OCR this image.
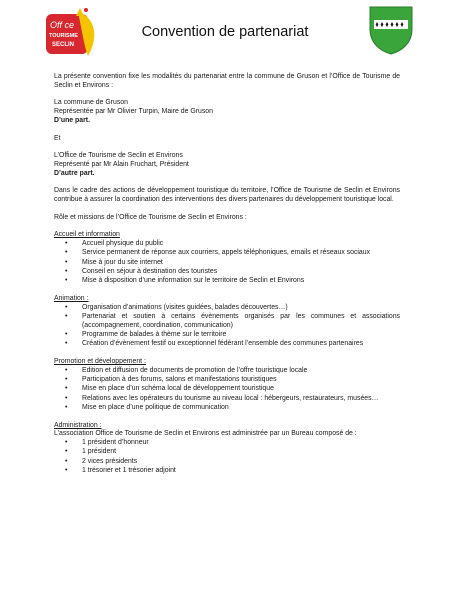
Off ce
TOURISME
SECLIN
Convention de partenariat

La présente convention fixe les modalités du partenariat entre la commune de Gruson et l’Office de Tourisme de Seclin et Environs :

La commune de Gruson

Représentée par Mr Olivier Turpin, Maire de Gruson

D’une part.

Et

L’Office de Tourisme de Seclin et Environs

Représenté par Mr Alain Fruchart, Président

D’autre part.

Dans le cadre des actions de développement touristique du territoire, l’Office de Tourisme de Seclin et Environs contribue à assurer la coordination des interventions des divers partenaires du développement touristique local.

Rôle et missions de l’Office de Tourisme de Seclin et Environs :

Accueil et information

• Accueil physique du public
• Service permanent de réponse aux courriers, appels téléphoniques, emails et réseaux sociaux
• Mise à jour du site internet
• Conseil en séjour à destination des touristes
• Mise à disposition d’une information sur le territoire de Seclin et Environs

Animation :

• Organisation d’animations (visites guidées, balades découvertes…)
• Partenariat et soutien à certains évènements organisés par les communes et associations (accompagnement, coordination, communication)
• Programme de balades à thème sur le territoire
• Création d’évènement festif ou exceptionnel fédérant l’ensemble des communes partenaires

Promotion et développement :

• Edition et diffusion de documents de promotion de l’offre touristique locale
• Participation à des forums, salons et manifestations touristiques
• Mise en place d’un schéma local de développement touristique
• Relations avec les opérateurs du tourisme au niveau local : hébergeurs, restaurateurs, musées…
• Mise en place d’une politique de communication

Administration :

L’association Office de Tourisme de Seclin et Environs est administrée par un Bureau composé de :

• 1 président d’honneur
• 1 président
• 2 vices présidents
• 1 trésorier et 1 trésorier adjoint
